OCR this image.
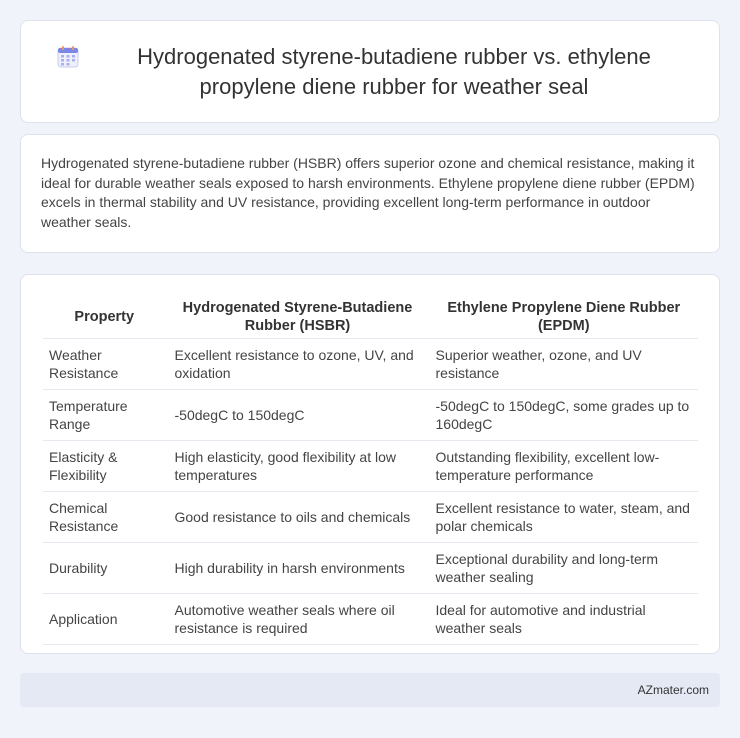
Hydrogenated styrene-butadiene rubber vs. ethylene propylene diene rubber for weather seal

Hydrogenated styrene-butadiene rubber (HSBR) offers superior ozone and chemical resistance, making it ideal for durable weather seals exposed to harsh environments. Ethylene propylene diene rubber (EPDM) excels in thermal stability and UV resistance, providing excellent long-term performance in outdoor weather seals.

Property	Hydrogenated Styrene-Butadiene Rubber (HSBR)	Ethylene Propylene Diene Rubber (EPDM)
Weather Resistance	Excellent resistance to ozone, UV, and oxidation	Superior weather, ozone, and UV resistance
Temperature Range	-50degC to 150degC	-50degC to 150degC, some grades up to 160degC
Elasticity & Flexibility	High elasticity, good flexibility at low temperatures	Outstanding flexibility, excellent low-temperature performance
Chemical Resistance	Good resistance to oils and chemicals	Excellent resistance to water, steam, and polar chemicals
Durability	High durability in harsh environments	Exceptional durability and long-term weather sealing
Application	Automotive weather seals where oil resistance is required	Ideal for automotive and industrial weather seals
AZmater.com
